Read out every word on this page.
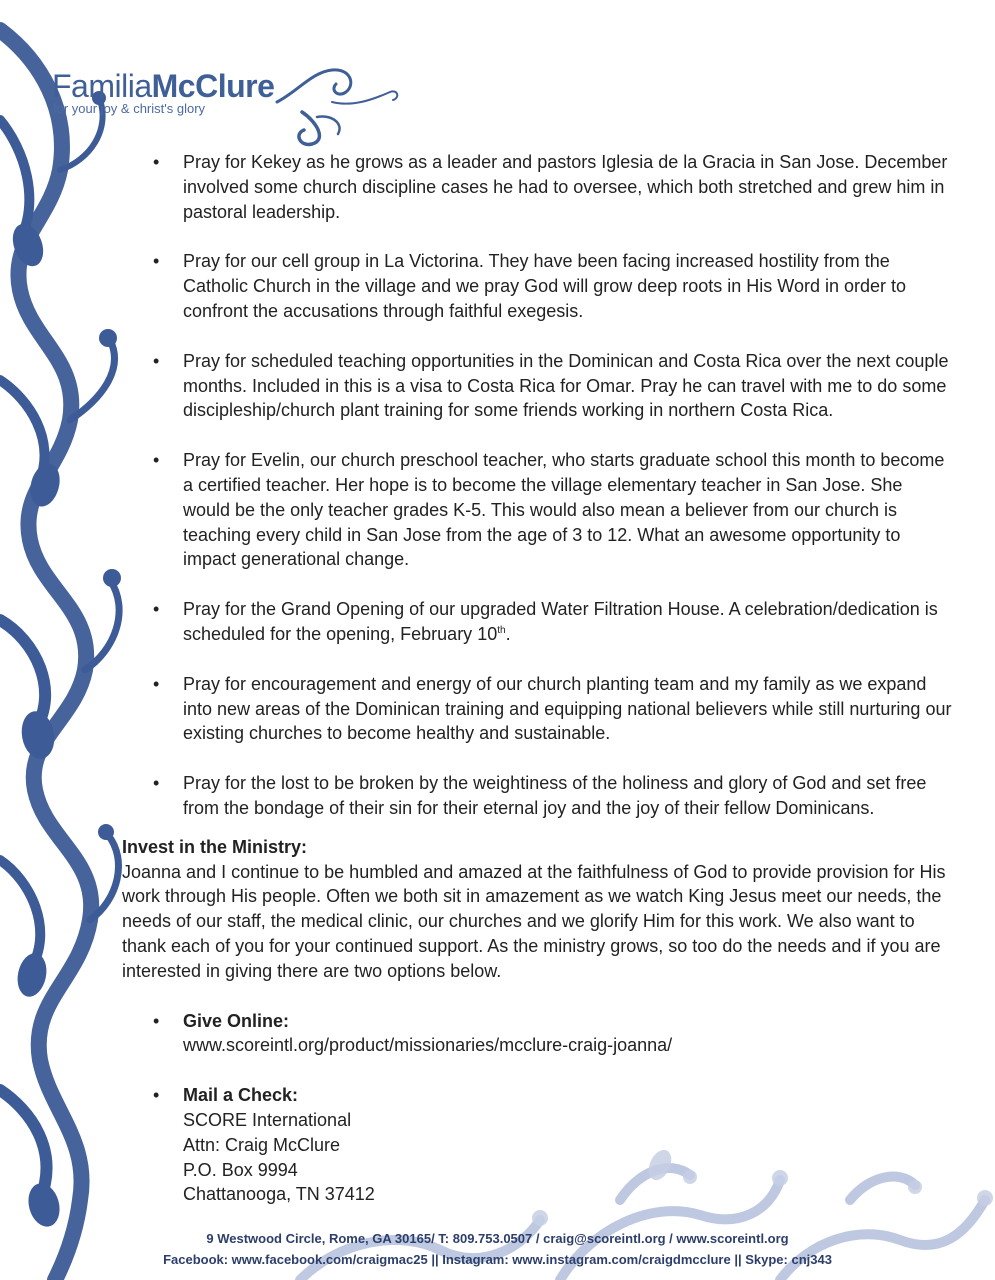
FamiliaMcClure
for your joy & christ's glory
• Pray for Kekey as he grows as a leader and pastors Iglesia de la Gracia in San Jose. December involved some church discipline cases he had to oversee, which both stretched and grew him in pastoral leadership.
• Pray for our cell group in La Victorina. They have been facing increased hostility from the Catholic Church in the village and we pray God will grow deep roots in His Word in order to confront the accusations through faithful exegesis.
• Pray for scheduled teaching opportunities in the Dominican and Costa Rica over the next couple months. Included in this is a visa to Costa Rica for Omar. Pray he can travel with me to do some discipleship/church plant training for some friends working in northern Costa Rica.
• Pray for Evelin, our church preschool teacher, who starts graduate school this month to become a certified teacher. Her hope is to become the village elementary teacher in San Jose. She would be the only teacher grades K-5. This would also mean a believer from our church is teaching every child in San Jose from the age of 3 to 12. What an awesome opportunity to impact generational change.
• Pray for the Grand Opening of our upgraded Water Filtration House. A celebration/dedication is scheduled for the opening, February 10th.
• Pray for encouragement and energy of our church planting team and my family as we expand into new areas of the Dominican training and equipping national believers while still nurturing our existing churches to become healthy and sustainable.
• Pray for the lost to be broken by the weightiness of the holiness and glory of God and set free from the bondage of their sin for their eternal joy and the joy of their fellow Dominicans.
Invest in the Ministry:

Joanna and I continue to be humbled and amazed at the faithfulness of God to provide provision for His work through His people. Often we both sit in amazement as we watch King Jesus meet our needs, the needs of our staff, the medical clinic, our churches and we glorify Him for this work. We also want to thank each of you for your continued support. As the ministry grows, so too do the needs and if you are interested in giving there are two options below.

• Give Online:
www.scoreintl.org/product/missionaries/mcclure-craig-joanna/
• Mail a Check:
SCORE International
Attn: Craig McClure
P.O. Box 9994
Chattanooga, TN 37412
9 Westwood Circle, Rome, GA 30165/ T: 809.753.0507 / craig@scoreintl.org / www.scoreintl.org
Facebook: www.facebook.com/craigmac25 || Instagram: www.instagram.com/craigdmcclure || Skype: cnj343
